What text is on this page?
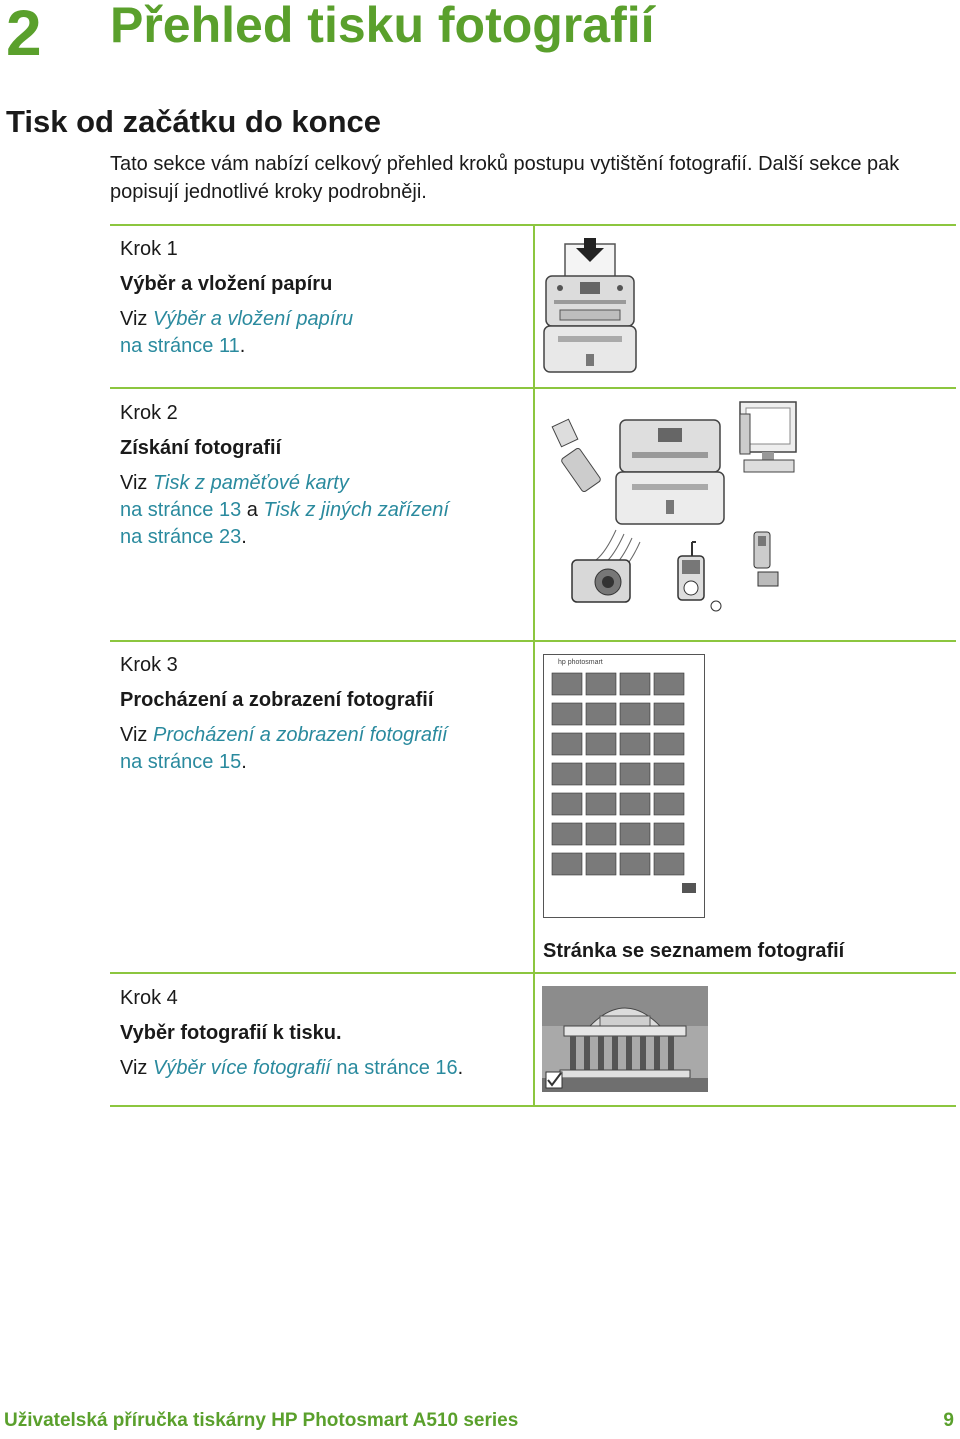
2 Přehled tisku fotografií
Tisk od začátku do konce
Tato sekce vám nabízí celkový přehled kroků postupu vytištění fotografií. Další sekce pak popisují jednotlivé kroky podrobněji.
Krok 1
Výběr a vložení papíru
Viz Výběr a vložení papíru
na stránce 11.
Krok 2
Získání fotografií
Viz Tisk z paměťové karty
na stránce 13 a Tisk z jiných zařízení
na stránce 23.
Krok 3
Procházení a zobrazení fotografií
Viz Procházení a zobrazení fotografií
na stránce 15.
Krok 4
Vyběr fotografií k tisku.
Viz Výběr více fotografií na stránce 16.
hp photosmart
Stránka se seznamem fotografií
Uživatelská příručka tiskárny HP Photosmart A510 series	9
